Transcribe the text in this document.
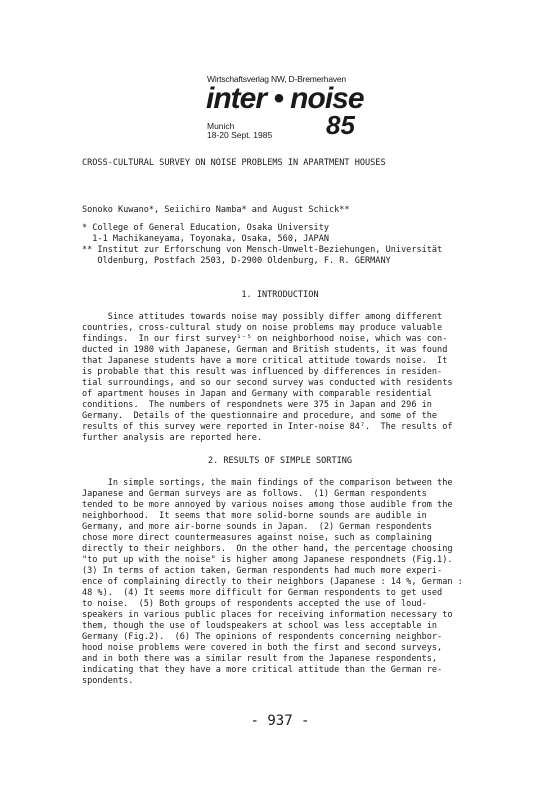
Wirtschaftsverlag NW, D-Bremerhaven
inter • noise
Munich
18-20 Sept. 1985 85
CROSS-CULTURAL SURVEY ON NOISE PROBLEMS IN APARTMENT HOUSES
Sonoko Kuwano*, Seiichiro Namba* and August Schick**
* College of General Education, Osaka University
1-1 Machikaneyama, Toyonaka, Osaka, 560, JAPAN
** Institut zur Erforschung von Mensch-Umwelt-Beziehungen, Universität
Oldenburg, Postfach 2503, D-2900 Oldenburg, F. R. GERMANY
1. INTRODUCTION
Since attitudes towards noise may possibly differ among different
countries, cross-cultural study on noise problems may produce valuable
findings.  In our first survey¹⁻⁵ on neighborhood noise, which was con-
ducted in 1980 with Japanese, German and British students, it was found
that Japanese students have a more critical attitude towards noise.  It
is probable that this result was influenced by differences in residen-
tial surroundings, and so our second survey was conducted with residents
of apartment houses in Japan and Germany with comparable residential
conditions.  The numbers of respondnets were 375 in Japan and 296 in
Germany.  Details of the questionnaire and procedure, and some of the
results of this survey were reported in Inter-noise 84⁷.  The results of
further analysis are reported here.
2. RESULTS OF SIMPLE SORTING
In simple sortings, the main findings of the comparison between the
Japanese and German surveys are as follows.  (1) German respondents
tended to be more annoyed by various noises among those audible from the
neighborhood.  It seems that more solid-borne sounds are audible in
Germany, and more air-borne sounds in Japan.  (2) German respondents
chose more direct countermeasures against noise, such as complaining
directly to their neighbors.  On the other hand, the percentage choosing
"to put up with the noise" is higher among Japanese respondnets (Fig.1).
(3) In terms of action taken, German respondents had much more experi-
ence of complaining directly to their neighbors (Japanese : 14 %, German :
48 %).  (4) It seems more difficult for German respondents to get used
to noise.  (5) Both groups of respondents accepted the use of loud-
speakers in various public places for receiving information necessary to
them, though the use of loudspeakers at school was less acceptable in
Germany (Fig.2).  (6) The opinions of respondents concerning neighbor-
hood noise problems were covered in both the first and second surveys,
and in both there was a similar result from the Japanese respondents,
indicating that they have a more critical attitude than the German re-
spondents.
- 937 -
